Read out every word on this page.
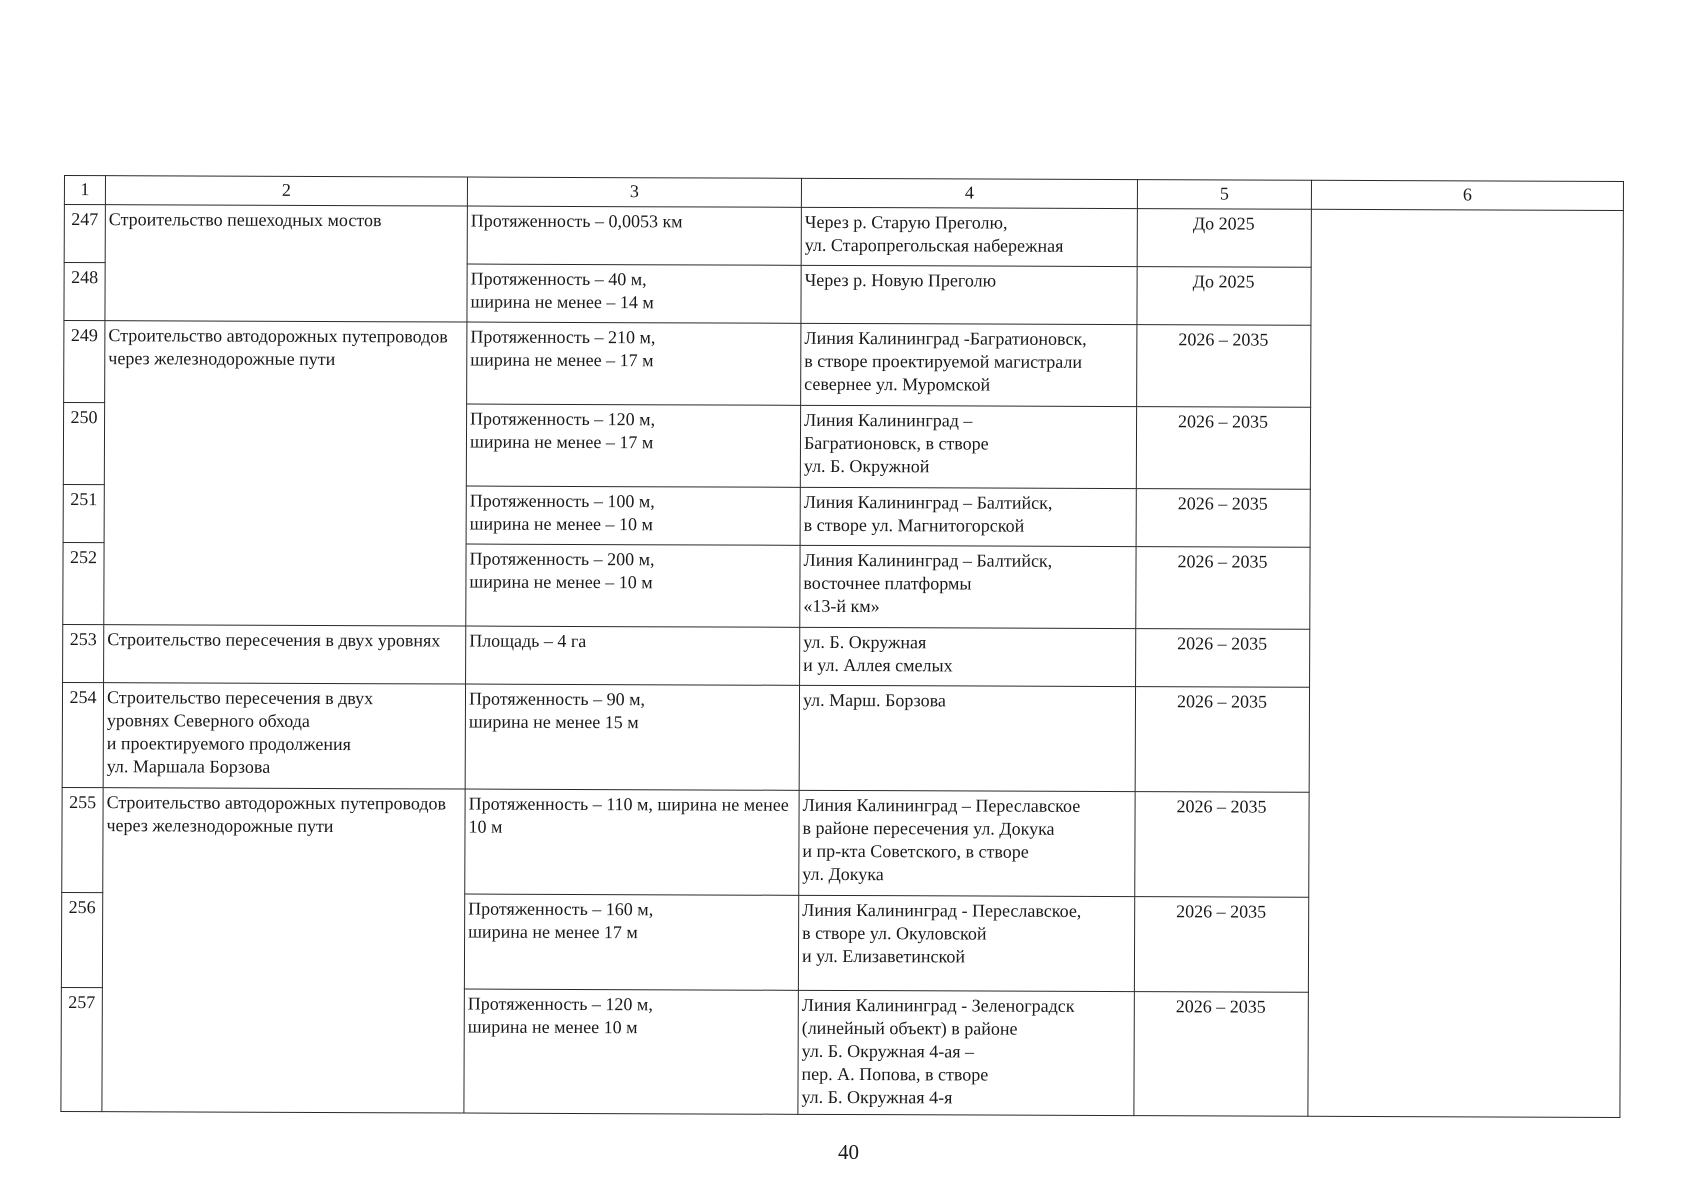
1	2	3	4	5	6
247	Строительство пешеходных мостов	Протяженность – 0,0053 км	Через р. Старую Преголю,
ул. Старопрегольская набережная	До 2025	
248		Протяженность – 40 м,
ширина не менее – 14 м	Через р. Новую Преголю	До 2025	
249	Строительство автодорожных путепроводов через железнодорожные пути	Протяженность – 210 м,
ширина не менее – 17 м	Линия Калининград -Багратионовск,
в створе проектируемой магистрали
севернее ул. Муромской	2026 – 2035	
250		Протяженность – 120 м,
ширина не менее – 17 м	Линия Калининград –
Багратионовск, в створе
ул. Б. Окружной	2026 – 2035	
251		Протяженность – 100 м,
ширина не менее – 10 м	Линия Калининград – Балтийск,
в створе ул. Магнитогорской	2026 – 2035	
252		Протяженность – 200 м,
ширина не менее – 10 м	Линия Калининград – Балтийск,
восточнее платформы
«13-й км»	2026 – 2035	
253	Строительство пересечения в двух уровнях	Площадь – 4 га	ул. Б. Окружная
и ул. Аллея смелых	2026 – 2035	
254	Строительство пересечения в двух
уровнях Северного обхода
и проектируемого продолжения
ул. Маршала Борзова	Протяженность – 90 м,
ширина не менее 15 м	ул. Марш. Борзова	2026 – 2035	
255	Строительство автодорожных путепроводов через железнодорожные пути	Протяженность – 110 м, ширина не менее 10 м	Линия Калининград – Переславское
в районе пересечения ул. Докука
и пр-кта Советского, в створе
ул. Докука	2026 – 2035	
256		Протяженность – 160 м,
ширина не менее 17 м	Линия Калининград - Переславское,
в створе ул. Окуловской
и ул. Елизаветинской	2026 – 2035	
257		Протяженность – 120 м,
ширина не менее 10 м	Линия Калининград - Зеленоградск
(линейный объект) в районе
ул. Б. Окружная 4-ая –
пер. А. Попова, в створе
ул. Б. Окружная 4-я	2026 – 2035	
40
